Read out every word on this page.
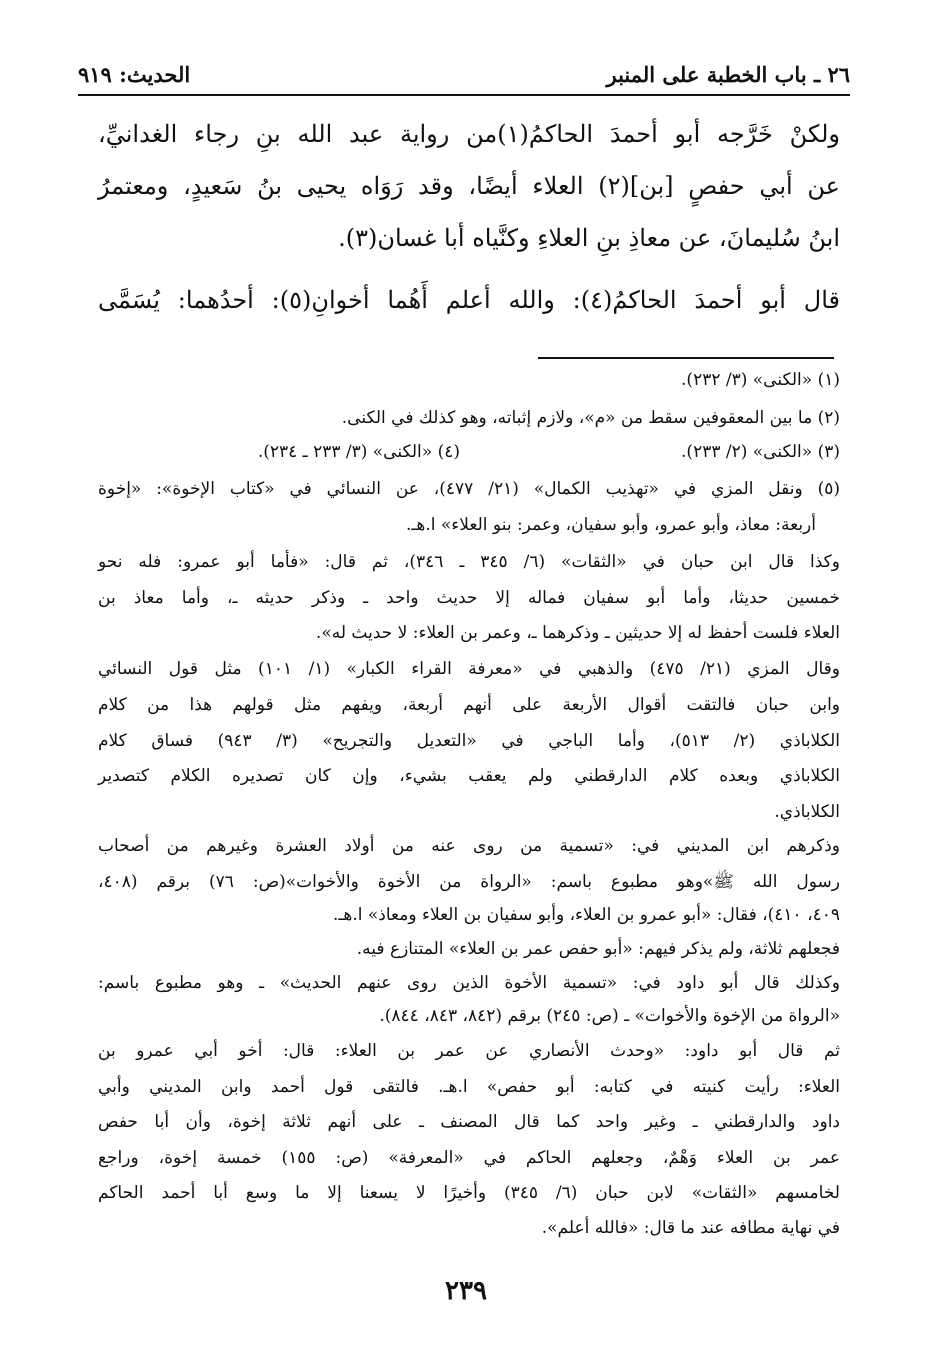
٢٦ ـ باب الخطبة على المنبر
الحديث: ٩١٩
ولكنْ خَرَّجه أبو أحمدَ الحاكمُ(١)من رواية عبد الله بنِ رجاء الغدانيِّ،
عن أبي حفصٍ [بن](٢) العلاء أيضًا، وقد رَوَاه يحيى بنُ سَعيدٍ، ومعتمرُ
ابنُ سُليمانَ، عن معاذِ بنِ العلاءِ وكنَّياه أبا غسان(٣).
قال أبو أحمدَ الحاكمُ(٤): والله أعلم أَهُما أخوانِ(٥): أحدُهما: يُسَمَّى
(١) «الكنى» (٣/ ٢٣٢).
(٢) ما بين المعقوفين سقط من «م»، ولازم إثباته، وهو كذلك في الكنى.
(٣) «الكنى» (٢/ ٢٣٣).
(٤) «الكنى» (٣/ ٢٣٣ ـ ٢٣٤).
(٥) ونقل المزي في «تهذيب الكمال» (٢١/ ٤٧٧)، عن النسائي في «كتاب الإخوة»: «إخوة
أربعة: معاذ، وأبو عمرو، وأبو سفيان، وعمر: بنو العلاء» ا.هـ.
وكذا قال ابن حبان في «الثقات» (٦/ ٣٤٥ ـ ٣٤٦)، ثم قال: «فأما أبو عمرو: فله نحو
خمسين حديثا، وأما أبو سفيان فماله إلا حديث واحد ـ وذكر حديثه ـ، وأما معاذ بن
العلاء فلست أحفظ له إلا حديثين ـ وذكرهما ـ، وعمر بن العلاء: لا حديث له».
وقال المزي (٢١/ ٤٧٥) والذهبي في «معرفة القراء الكبار» (١/ ١٠١) مثل قول النسائي
وابن حبان فالتقت أقوال الأربعة على أنهم أربعة، ويفهم مثل قولهم هذا من كلام
الكلاباذي (٢/ ٥١٣)، وأما الباجي في «التعديل والتجريح» (٣/ ٩٤٣) فساق كلام
الكلاباذي وبعده كلام الدارقطني ولم يعقب بشيء، وإن كان تصديره الكلام كتصدير
الكلاباذي.
وذكرهم ابن المديني في: «تسمية من روى عنه من أولاد العشرة وغيرهم من أصحاب
رسول الله ﷺ»وهو مطبوع باسم: «الرواة من الأخوة والأخوات»(ص: ٧٦) برقم (٤٠٨،
٤٠٩، ٤١٠)، فقال: «أبو عمرو بن العلاء، وأبو سفيان بن العلاء ومعاذ» ا.هـ.
فجعلهم ثلاثة، ولم يذكر فيهم: «أبو حفص عمر بن العلاء» المتنازع فيه.
وكذلك قال أبو داود في: «تسمية الأخوة الذين روى عنهم الحديث» ـ وهو مطبوع باسم:
«الرواة من الإخوة والأخوات» ـ (ص: ٢٤٥) برقم (٨٤٢، ٨٤٣، ٨٤٤).
ثم قال أبو داود: «وحدث الأنصاري عن عمر بن العلاء: قال: أخو أبي عمرو بن
العلاء: رأيت كنيته في كتابه: أبو حفص» ا.هـ. فالتقى قول أحمد وابن المديني وأبي
داود والدارقطني ـ وغير واحد كما قال المصنف ـ على أنهم ثلاثة إخوة، وأن أبا حفص
عمر بن العلاء وَهْمٌ، وجعلهم الحاكم في «المعرفة» (ص: ١٥٥) خمسة إخوة، وراجع
لخامسهم «الثقات» لابن حبان (٦/ ٣٤٥) وأخيرًا لا يسعنا إلا ما وسع أبا أحمد الحاكم
في نهاية مطافه عند ما قال: «فالله أعلم».
٢٣٩
